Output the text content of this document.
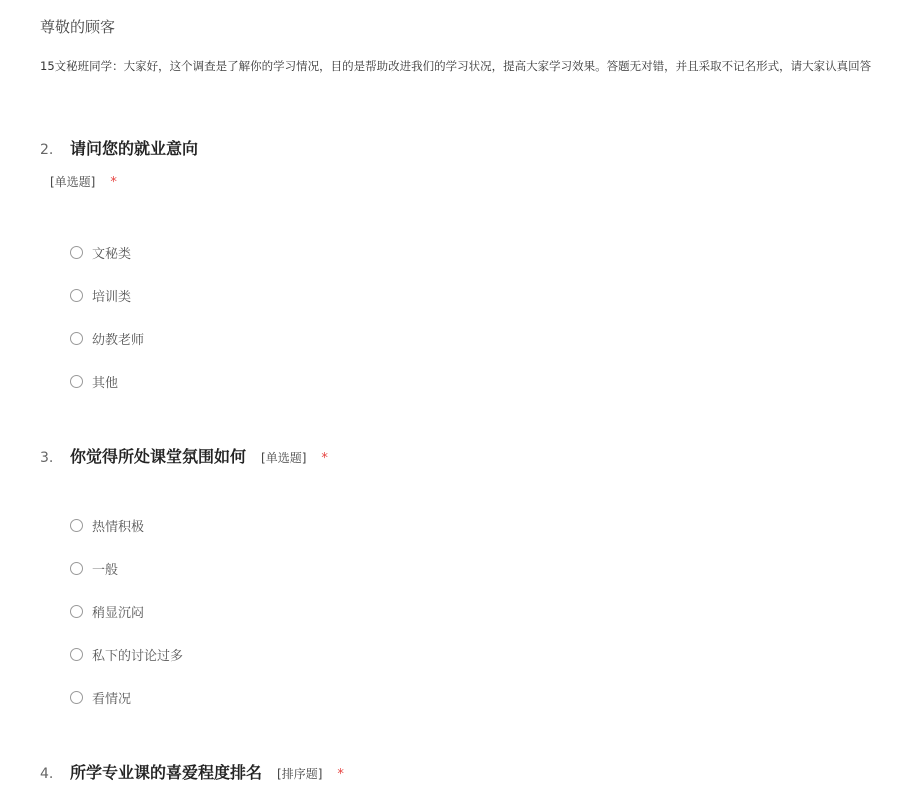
尊敬的顾客
15文秘班同学：大家好，这个调查是了解你的学习情况，目的是帮助改进我们的学习状况，提高大家学习效果。答题无对错，并且采取不记名形式，请大家认真回答
2.	请问您的就业意向
[单选题] *
文秘类
培训类
幼教老师
其他
3.	你觉得所处课堂氛围如何 [单选题] *
热情积极
一般
稍显沉闷
私下的讨论过多
看情况
4.	所学专业课的喜爱程度排名 [排序题] *
